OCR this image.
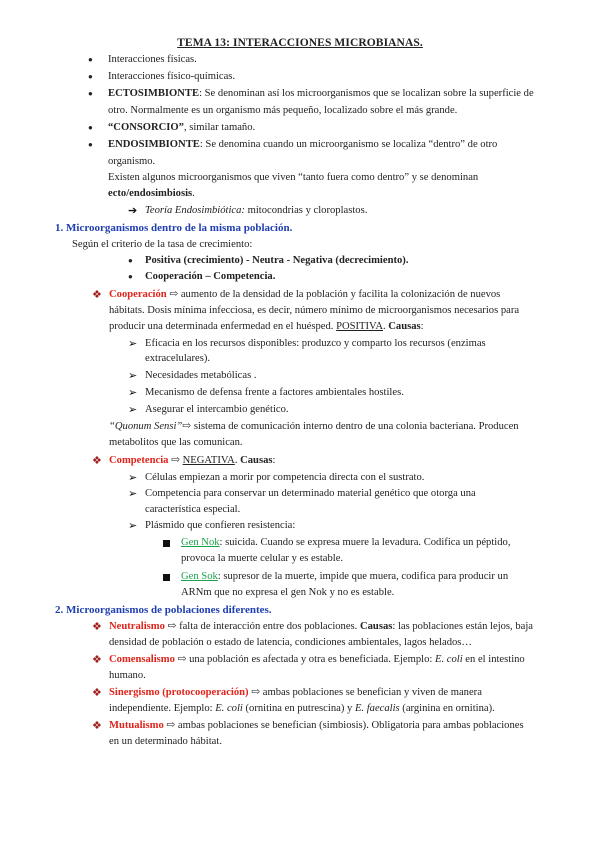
TEMA 13: INTERACCIONES MICROBIANAS.
● Interacciones físicas.
● Interacciones físico-químicas.
● ECTOSIMBIONTE: Se denominan así los microorganismos que se localizan sobre la superficie de
otro. Normalmente es un organismo más pequeño, localizado sobre el más grande.
● “CONSORCIO”, similar tamaño.
● ENDOSIMBIONTE: Se denomina cuando un microorganismo se localiza “dentro” de otro
organismo.
Existen algunos microorganismos que viven “tanto fuera como dentro” y se denominan
ecto/endosimbiosis.
➔ Teoría Endosimbiótica: mitocondrias y cloroplastos.
1. Microorganismos dentro de la misma población.
Según el criterio de la tasa de crecimiento:
● Positiva (crecimiento) - Neutra - Negativa (decrecimiento).
● Cooperación – Competencia.
❖ Cooperación ⇨ aumento de la densidad de la población y facilita la colonización de nuevos
hábitats. Dosis mínima infecciosa, es decir, número mínimo de microorganismos necesarios para
producir una determinada enfermedad en el huésped. POSITIVA. Causas:
➢ Eficacia en los recursos disponibles: produzco y comparto los recursos (enzimas
extracelulares).
➢ Necesidades metabólicas .
➢ Mecanismo de defensa frente a factores ambientales hostiles.
➢ Asegurar el intercambio genético.
“Quonum Sensi”⇨ sistema de comunicación interno dentro de una colonia bacteriana. Producen
metabolitos que las comunican.
❖ Competencia ⇨ NEGATIVA. Causas:
➢ Células empiezan a morir por competencia directa con el sustrato.
➢ Competencia para conservar un determinado material genético que otorga una
característica especial.
➢ Plásmido que confieren resistencia:
Gen Nok: suicida. Cuando se expresa muere la levadura. Codifica un péptido,
provoca la muerte celular y es estable.
Gen Sok: supresor de la muerte, impide que muera, codifica para producir un
ARNm que no expresa el gen Nok y no es estable.
2. Microorganismos de poblaciones diferentes.
❖ Neutralismo ⇨ falta de interacción entre dos poblaciones. Causas: las poblaciones están lejos, baja
densidad de población o estado de latencia, condiciones ambientales, lagos helados…
❖ Comensalismo ⇨ una población es afectada y otra es beneficiada. Ejemplo: E. coli en el intestino
humano.
❖ Sinergismo (protocooperación) ⇨ ambas poblaciones se benefician y viven de manera
independiente. Ejemplo: E. coli (ornitina en putrescina) y E. faecalis (arginina en ornitina).
❖ Mutualismo ⇨ ambas poblaciones se benefician (simbiosis). Obligatoria para ambas poblaciones
en un determinado hábitat.
